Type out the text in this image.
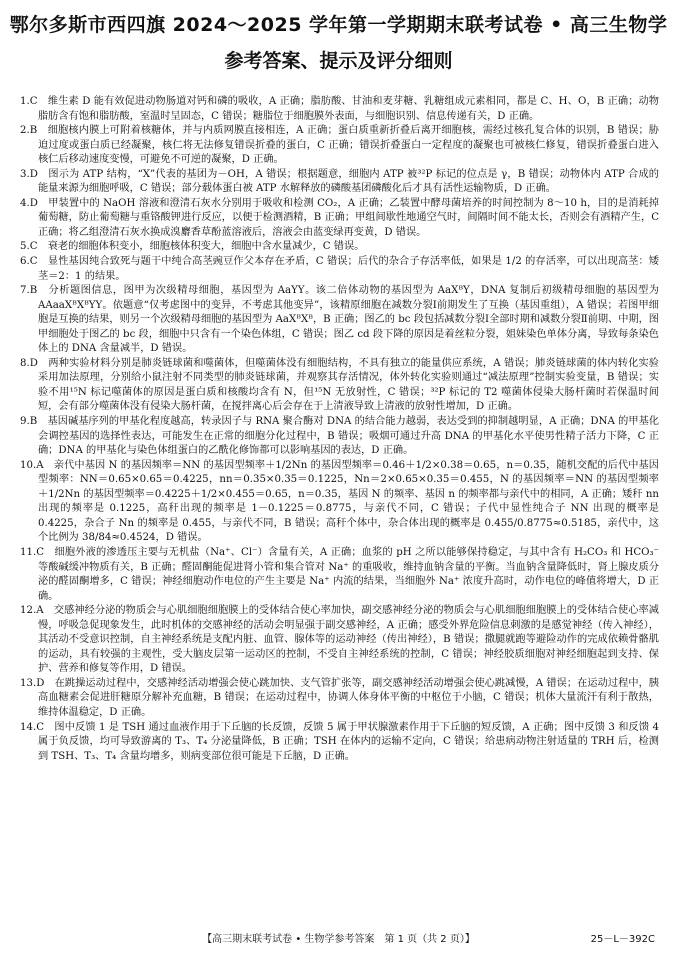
鄂尔多斯市西四旗 2024～2025 学年第一学期期末联考试卷 • 高三生物学
参考答案、提示及评分细则

1.C　维生素 D 能有效促进动物肠道对钙和磷的吸收，A 正确；脂肪酸、甘油和麦芽糖、乳糖组成元素相同，都是 C、H、O，B 正确；动物脂肪含有饱和脂肪酸，室温时呈固态，C 错误；糖脂位于细胞膜外表面，与细胞识别、信息传递有关，D 正确。

2.B　细胞核内膜上可附着核糖体，并与内质网膜直接相连，A 正确；蛋白质重新折叠后离开细胞核，需经过核孔复合体的识别，B 错误；胁迫过度或蛋白质已经凝聚，核仁将无法修复错误折叠的蛋白，C 正确；错误折叠蛋白一定程度的凝聚也可被核仁修复，错误折叠蛋白进入核仁后移动速度变慢，可避免不可逆的凝聚，D 正确。

3.D　图示为 ATP 结构，“X”代表的基团为－OH，A 错误；根据题意，细胞内 ATP 被³²P 标记的位点是 γ，B 错误；动物体内 ATP 合成的能量来源为细胞呼吸，C 错误；部分载体蛋白被 ATP 水解释放的磷酸基团磷酸化后才具有活性运输物质，D 正确。

4.D　甲装置中的 NaOH 溶液和澄清石灰水分别用于吸收和检测 CO₂，A 正确；乙装置中酵母菌培养的时间控制为 8～10 h，目的是消耗掉葡萄糖，防止葡萄糖与重铬酸钾进行反应，以便于检测酒精，B 正确；甲组间歇性地通空气时，间隔时间不能太长，否则会有酒精产生，C 正确；将乙组澄清石灰水换成溴麝香草酚蓝溶液后，溶液会由蓝变绿再变黄，D 错误。

5.C　衰老的细胞体积变小，细胞核体积变大，细胞中含水量减少，C 错误。

6.C　显性基因纯合致死与题干中纯合高茎豌豆作父本存在矛盾，C 错误；后代的杂合子存活率低，如果是 1/2 的存活率，可以出现高茎：矮茎＝2：1 的结果。

7.B　分析题图信息，图甲为次级精母细胞，基因型为 AaYY。该二倍体动物的基因型为 AaXᴮY，DNA 复制后初级精母细胞的基因型为 AAaaXᴮXᴮYY。依题意“仅考虑图中的变异，不考虑其他变异”，该精原细胞在减数分裂Ⅰ前期发生了互换（基因重组），A 错误；若图甲细胞是互换的结果，则另一个次级精母细胞的基因型为 AaXᴮXᴮ，B 正确；图乙的 bc 段包括减数分裂Ⅰ全部时期和减数分裂Ⅱ前期、中期，图甲细胞处于图乙的 bc 段，细胞中只含有一个染色体组，C 错误；图乙 cd 段下降的原因是着丝粒分裂，姐妹染色单体分离，导致每条染色体上的 DNA 含量减半，D 错误。

8.D　两种实验材料分别是肺炎链球菌和噬菌体，但噬菌体没有细胞结构，不具有独立的能量供应系统，A 错误；肺炎链球菌的体内转化实验采用加法原理，分别给小鼠注射不同类型的肺炎链球菌，并观察其存活情况，体外转化实验则通过“减法原理”控制实验变量，B 错误；实验不用¹⁵N 标记噬菌体的原因是蛋白质和核酸均含有 N，但¹⁵N 无放射性，C 错误；³²P 标记的 T2 噬菌体侵染大肠杆菌时若保温时间短，会有部分噬菌体没有侵染大肠杆菌，在搅拌离心后会存在于上清液导致上清液的放射性增加，D 正确。

9.B　基因碱基序列的甲基化程度越高，转录因子与 RNA 聚合酶对 DNA 的结合能力越弱，表达受到的抑制越明显，A 正确；DNA 的甲基化会调控基因的选择性表达，可能发生在正常的细胞分化过程中，B 错误；吸烟可通过升高 DNA 的甲基化水平使男性精子活力下降，C 正确；DNA 的甲基化与染色体组蛋白的乙酰化修饰都可以影响基因的表达，D 正确。

10.A　亲代中基因 N 的基因频率＝NN 的基因型频率＋1/2Nn 的基因型频率＝0.46＋1/2×0.38＝0.65，n＝0.35，随机交配的后代中基因型频率：NN＝0.65×0.65＝0.4225，nn＝0.35×0.35＝0.1225，Nn＝2×0.65×0.35＝0.455，N 的基因频率＝NN 的基因型频率＋1/2Nn 的基因型频率＝0.4225＋1/2×0.455＝0.65，n＝0.35，基因 N 的频率、基因 n 的频率都与亲代中的相同，A 正确；矮秆 nn 出现的频率是 0.1225，高秆出现的频率是 1－0.1225＝0.8775，与亲代不同，C 错误；子代中显性纯合子 NN 出现的概率是 0.4225，杂合子 Nn 的频率是 0.455，与亲代不同，B 错误；高秆个体中，杂合体出现的概率是 0.455/0.8775≈0.5185，亲代中，这个比例为 38/84≈0.4524，D 错误。

11.C　细胞外液的渗透压主要与无机盐（Na⁺、Cl⁻）含量有关，A 正确；血浆的 pH 之所以能够保持稳定，与其中含有 H₂CO₃ 和 HCO₃⁻ 等酸碱缓冲物质有关，B 正确；醛固酮能促进肾小管和集合管对 Na⁺ 的重吸收，维持血钠含量的平衡。当血钠含量降低时，肾上腺皮质分泌的醛固酮增多，C 错误；神经细胞动作电位的产生主要是 Na⁺ 内流的结果，当细胞外 Na⁺ 浓度升高时，动作电位的峰值将增大，D 正确。

12.A　交感神经分泌的物质会与心肌细胞细胞膜上的受体结合使心率加快，副交感神经分泌的物质会与心肌细胞细胞膜上的受体结合使心率减慢，呼吸急促现象发生，此时机体的交感神经的活动会明显强于副交感神经，A 正确；感受外界危险信息刺激的是感觉神经（传入神经），其活动不受意识控制，自主神经系统是支配内脏、血管、腺体等的运动神经（传出神经），B 错误；撒腿就跑等避险动作的完成依赖骨骼肌的运动，具有较强的主观性，受大脑皮层第一运动区的控制，不受自主神经系统的控制，C 错误；神经胶质细胞对神经细胞起到支持、保护、营养和修复等作用，D 错误。

13.D　在跳操运动过程中，交感神经活动增强会使心跳加快、支气管扩张等，副交感神经活动增强会使心跳减慢，A 错误；在运动过程中，胰高血糖素会促进肝糖原分解补充血糖，B 错误；在运动过程中，协调人体身体平衡的中枢位于小脑，C 错误；机体大量流汗有利于散热，维持体温稳定，D 正确。

14.C　图中反馈 1 是 TSH 通过血液作用于下丘脑的长反馈，反馈 5 属于甲状腺激素作用于下丘脑的短反馈，A 正确；图中反馈 3 和反馈 4 属于负反馈，均可导致游离的 T₃、T₄ 分泌量降低，B 正确；TSH 在体内的运输不定向，C 错误；给患病动物注射适量的 TRH 后，检测到 TSH、T₃、T₄ 含量均增多，则病变部位很可能是下丘脑，D 正确。

【高三期末联考试卷 • 生物学参考答案　第 1 页（共 2 页）】	25－L－392C
